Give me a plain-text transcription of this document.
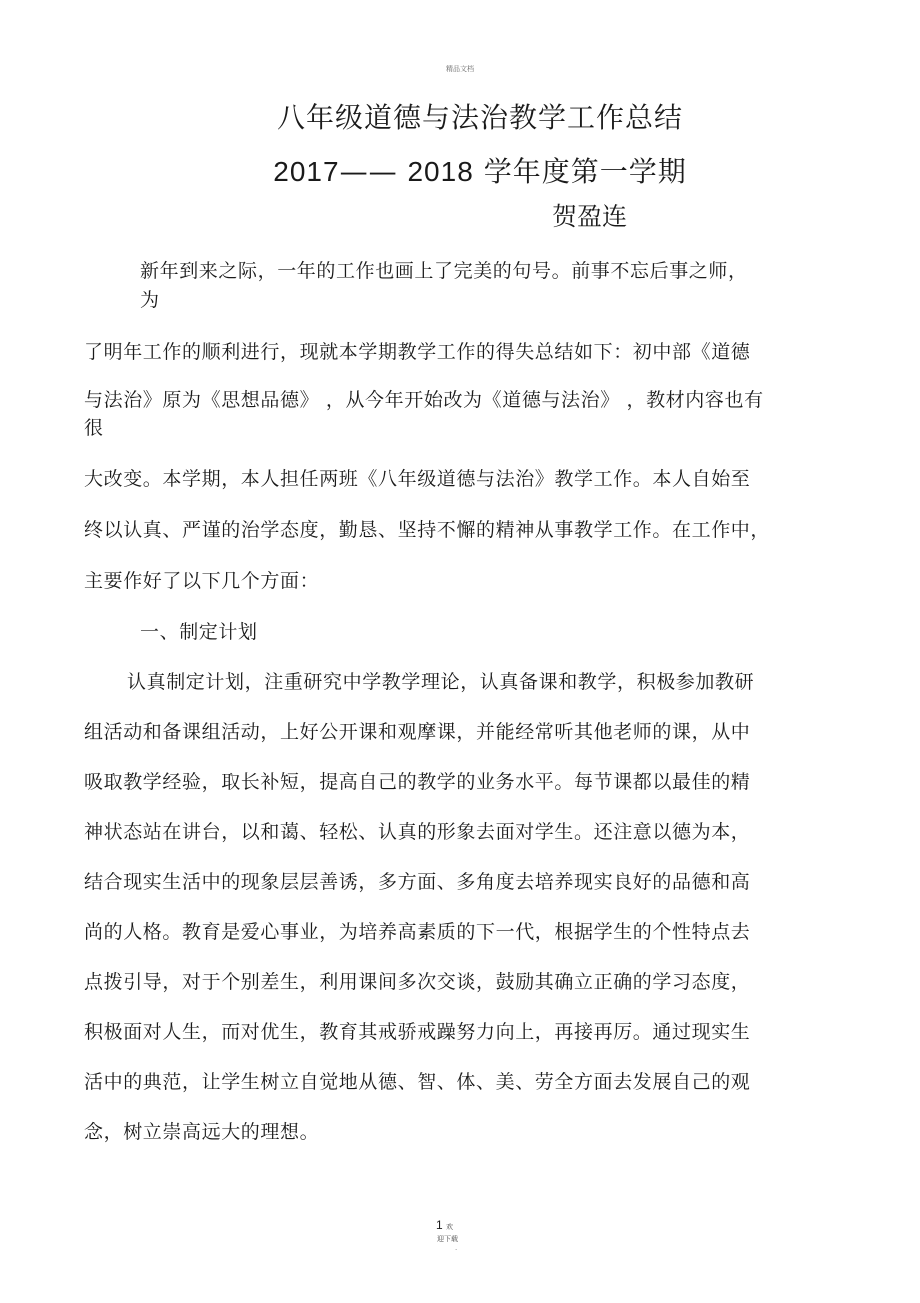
精品文档
八年级道德与法治教学工作总结
2017—— 2018 学年度第一学期
贺盈连
新年到来之际，一年的工作也画上了完美的句号。前事不忘后事之师，
为
了明年工作的顺利进行，现就本学期教学工作的得失总结如下：初中部《道德
与法治》原为《思想品德》 ，从今年开始改为《道德与法治》 ，教材内容也有
很
大改变。本学期，本人担任两班《八年级道德与法治》教学工作。本人自始至
终以认真、严谨的治学态度，勤恳、坚持不懈的精神从事教学工作。在工作中，
主要作好了以下几个方面：
一、制定计划
认真制定计划，注重研究中学教学理论，认真备课和教学，积极参加教研
组活动和备课组活动，上好公开课和观摩课，并能经常听其他老师的课，从中
吸取教学经验，取长补短，提高自己的教学的业务水平。每节课都以最佳的精
神状态站在讲台，以和蔼、轻松、认真的形象去面对学生。还注意以德为本，
结合现实生活中的现象层层善诱，多方面、多角度去培养现实良好的品德和高
尚的人格。教育是爱心事业，为培养高素质的下一代，根据学生的个性特点去
点拨引导，对于个别差生，利用课间多次交谈，鼓励其确立正确的学习态度，
积极面对人生，而对优生，教育其戒骄戒躁努力向上，再接再厉。通过现实生
活中的典范，让学生树立自觉地从德、智、体、美、劳全方面去发展自己的观
念，树立崇高远大的理想。
1 欢
迎下载
.
